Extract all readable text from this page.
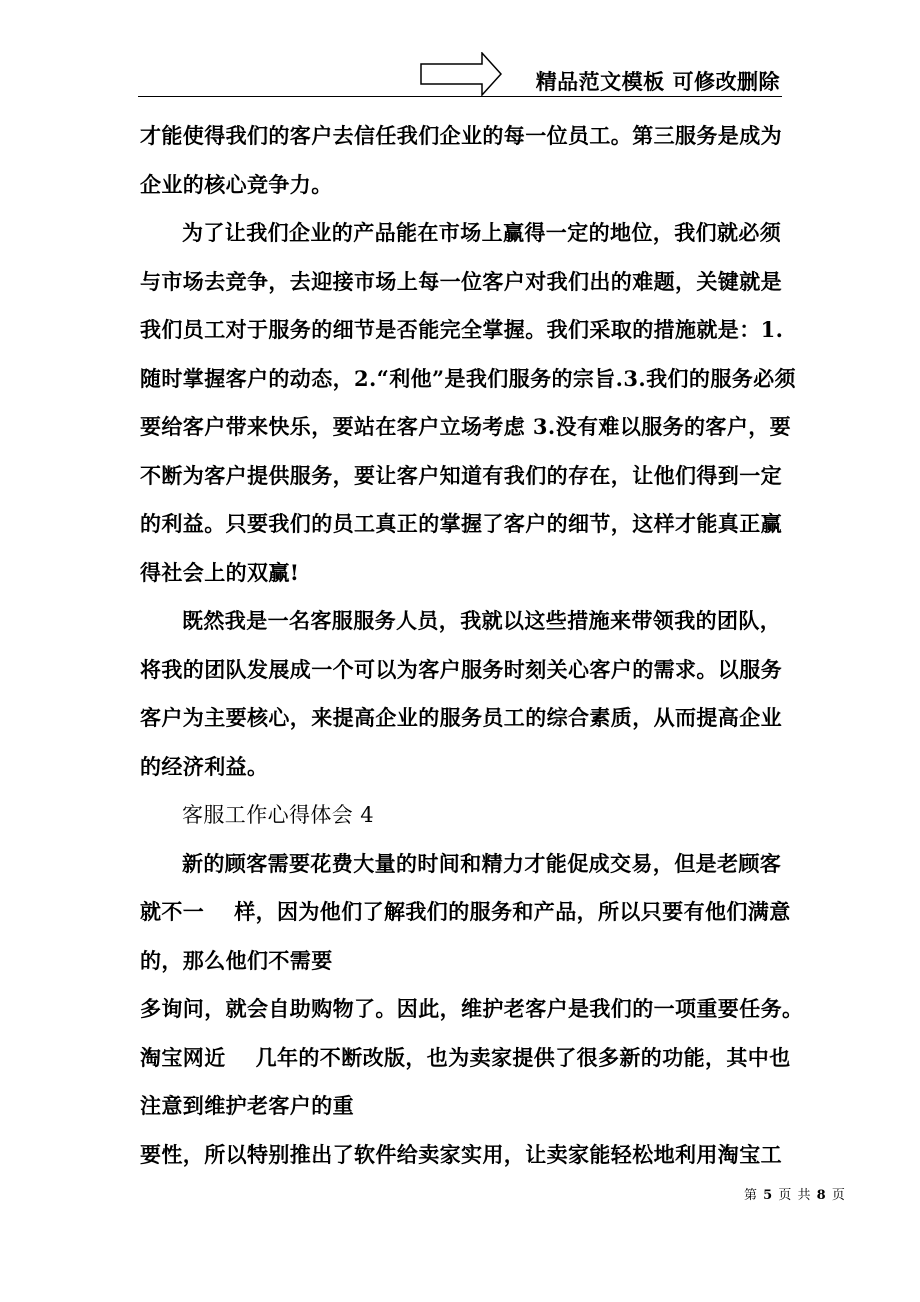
精品范文模板 可修改删除
才能使得我们的客户去信任我们企业的每一位员工。第三服务是成为
企业的核心竞争力。
为了让我们企业的产品能在市场上赢得一定的地位，我们就必须
与市场去竞争，去迎接市场上每一位客户对我们出的难题，关键就是
我们员工对于服务的细节是否能完全掌握。我们采取的措施就是：1.
随时掌握客户的动态，2.“利他”是我们服务的宗旨.3.我们的服务必须
要给客户带来快乐，要站在客户立场考虑 3.没有难以服务的客户，要
不断为客户提供服务，要让客户知道有我们的存在，让他们得到一定
的利益。只要我们的员工真正的掌握了客户的细节，这样才能真正赢
得社会上的双赢!
既然我是一名客服服务人员，我就以这些措施来带领我的团队，
将我的团队发展成一个可以为客户服务时刻关心客户的需求。以服务
客户为主要核心，来提高企业的服务员工的综合素质，从而提高企业
的经济利益。
客服工作心得体会 4
新的顾客需要花费大量的时间和精力才能促成交易，但是老顾客
就不一 样，因为他们了解我们的服务和产品，所以只要有他们满意
的，那么他们不需要
多询问，就会自助购物了。因此，维护老客户是我们的一项重要任务。
淘宝网近 几年的不断改版，也为卖家提供了很多新的功能，其中也
注意到维护老客户的重
要性，所以特别推出了软件给卖家实用，让卖家能轻松地利用淘宝工
第 5 页 共 8 页
